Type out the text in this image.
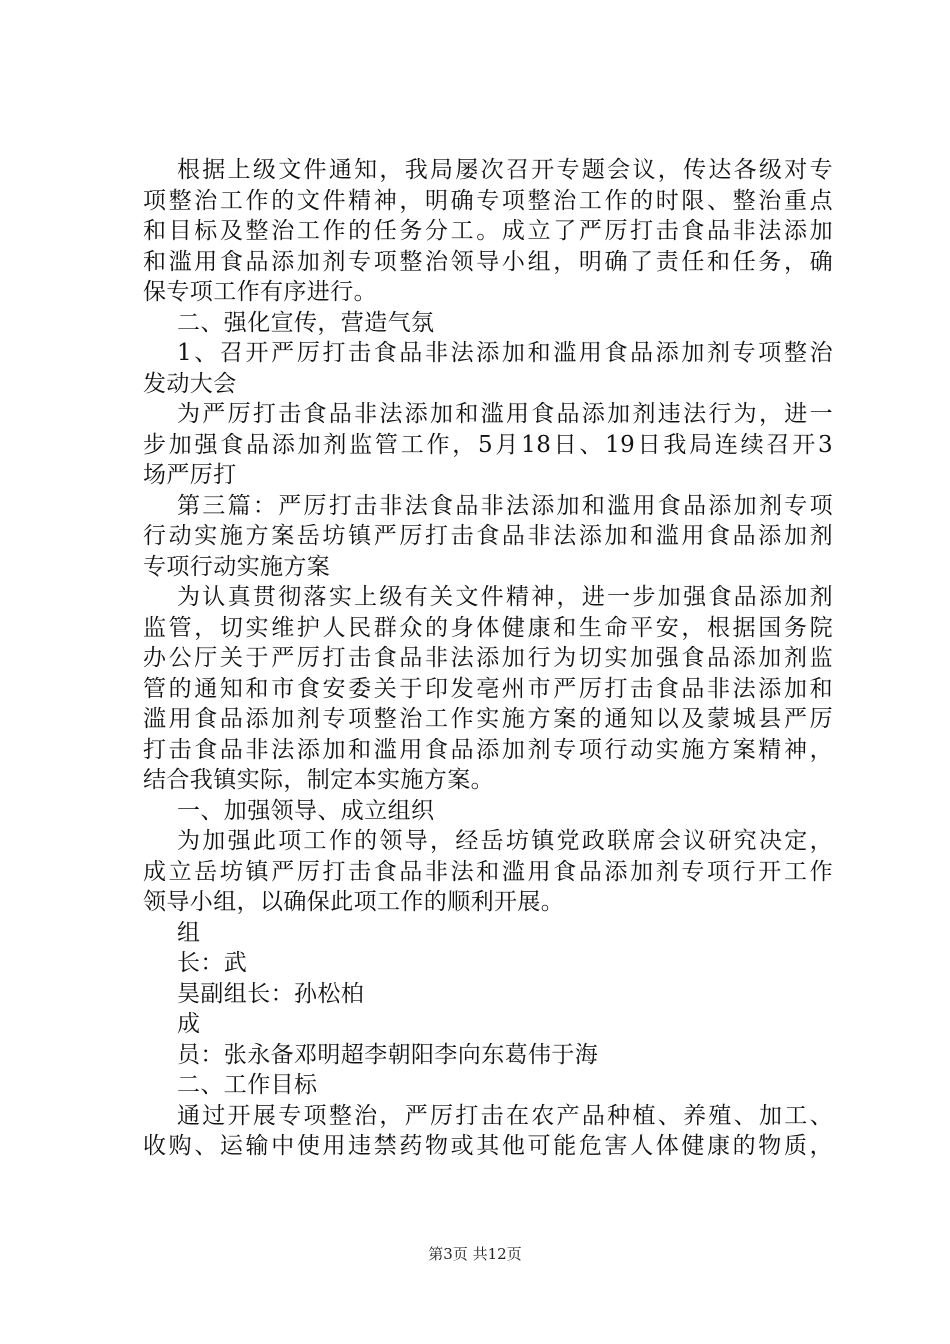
根据上级文件通知，我局屡次召开专题会议，传达各级对专
项整治工作的文件精神，明确专项整治工作的时限、整治重点
和目标及整治工作的任务分工。成立了严厉打击食品非法添加
和滥用食品添加剂专项整治领导小组，明确了责任和任务，确
保专项工作有序进行。
二、强化宣传，营造气氛
1、召开严厉打击食品非法添加和滥用食品添加剂专项整治
发动大会
为严厉打击食品非法添加和滥用食品添加剂违法行为，进一
步加强食品添加剂监管工作，5月18日、19日我局连续召开3
场严厉打
第三篇：严厉打击非法食品非法添加和滥用食品添加剂专项
行动实施方案岳坊镇严厉打击食品非法添加和滥用食品添加剂
专项行动实施方案
为认真贯彻落实上级有关文件精神，进一步加强食品添加剂
监管，切实维护人民群众的身体健康和生命平安，根据国务院
办公厅关于严厉打击食品非法添加行为切实加强食品添加剂监
管的通知和市食安委关于印发亳州市严厉打击食品非法添加和
滥用食品添加剂专项整治工作实施方案的通知以及蒙城县严厉
打击食品非法添加和滥用食品添加剂专项行动实施方案精神，
结合我镇实际，制定本实施方案。
一、加强领导、成立组织
为加强此项工作的领导，经岳坊镇党政联席会议研究决定，
成立岳坊镇严厉打击食品非法和滥用食品添加剂专项行开工作
领导小组，以确保此项工作的顺利开展。
组
长：武
昊副组长：孙松柏
成
员：张永备邓明超李朝阳李向东葛伟于海
二、工作目标
通过开展专项整治，严厉打击在农产品种植、养殖、加工、
收购、运输中使用违禁药物或其他可能危害人体健康的物质，
第3页 共12页
